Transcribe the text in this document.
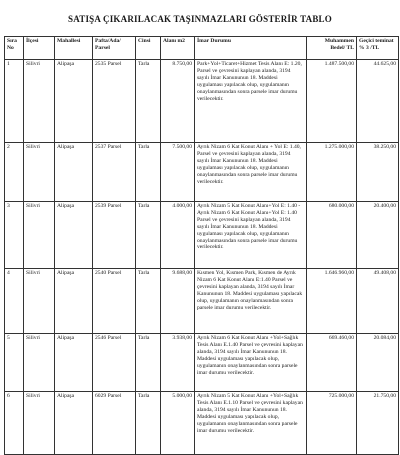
SATIŞA ÇIKARILACAK TAŞINMAZLARI GÖSTERİR TABLO
Sıra No	İlçesi	Mahallesi	Pafta/Ada/ Parsel	Cinsi	Alanı m2	İmar Durumu	Muhammen Bedel/ TL	Geçici teminat % 3 /TL
1	Silivri	Alipaşa	2535 Parsel	Tarla	8.750,00	Park+Yol+Ticaret+Hizmet Tesis Alanı E: 1.20, Parsel ve çevresini kaplayan alanda, 3194 sayılı İmar Kanununun 18. Maddesi uygulaması yapılacak olup, uygulamanın onaylanmasından sonra parsele imar durumu verilecektir.	1.487.500,00	44.625,00
2	Silivri	Alipaşa	2537 Parsel	Tarla	7.500,00	Ayrık Nizam 6 Kat Konut Alanı + Yol E: 1.40, Parsel ve çevresini kaplayan alanda, 3194 sayılı İmar Kanununun 18. Maddesi uygulaması yapılacak olup, uygulamanın onaylanmasından sonra parsele imar durumu verilecektir.	1.275.000,00	38.250,00
3	Silivri	Alipaşa	2539 Parsel	Tarla	4.000,00	Ayrık Nizam 5 Kat Konut Alanı+Yol E: 1.40 - Ayrık Nizam 6 Kat Konut Alanı+Yol E: 1.40 Parsel ve çevresini kaplayan alanda, 3194 sayılı İmar Kanununun 18. Maddesi uygulaması yapılacak olup, uygulamanın onaylanmasından sonra parsele imar durumu verilecektir.	680.000,00	20.400,00
4	Silivri	Alipaşa	2540 Parsel	Tarla	9.688,00	Kısmen Yol, Kısmen Park, Kısmen de Ayrık Nizam 6 Kat Konut Alanı E:1.40 Parsel ve çevresini kaplayan alanda, 3194 sayılı İmar Kanununun 18. Maddesi uygulaması yapılacak olup, uygulamanın onaylanmasından sonra parsele imar durumu verilecektir.	1.646.960,00	49.408,00
5	Silivri	Alipaşa	2546 Parsel	Tarla	3.938,00	Ayrık Nizam 6 Kat Konut Alanı +Yol+Sağlık Tesis Alanı E.1.40 Parsel ve çevresini kaplayan alanda, 3194 sayılı İmar Kanununun 18. Maddesi uygulaması yapılacak olup, uygulamanın onaylanmasından sonra parsele imar durumu verilecektir.	669.460,00	20.084,00
6	Silivri	Alipaşa	6029 Parsel	Tarla	5.000,00	Ayrık Nizam 5 Kat Konut Alanı +Yol+Sağlık Tesis Alanı E.1.10 Parsel ve çevresini kaplayan alanda, 3194 sayılı İmar Kanununun 18. Maddesi uygulaması yapılacak olup, uygulamanın onaylanmasından sonra parsele imar durumu verilecektir.	725.000,00	21.750,00
